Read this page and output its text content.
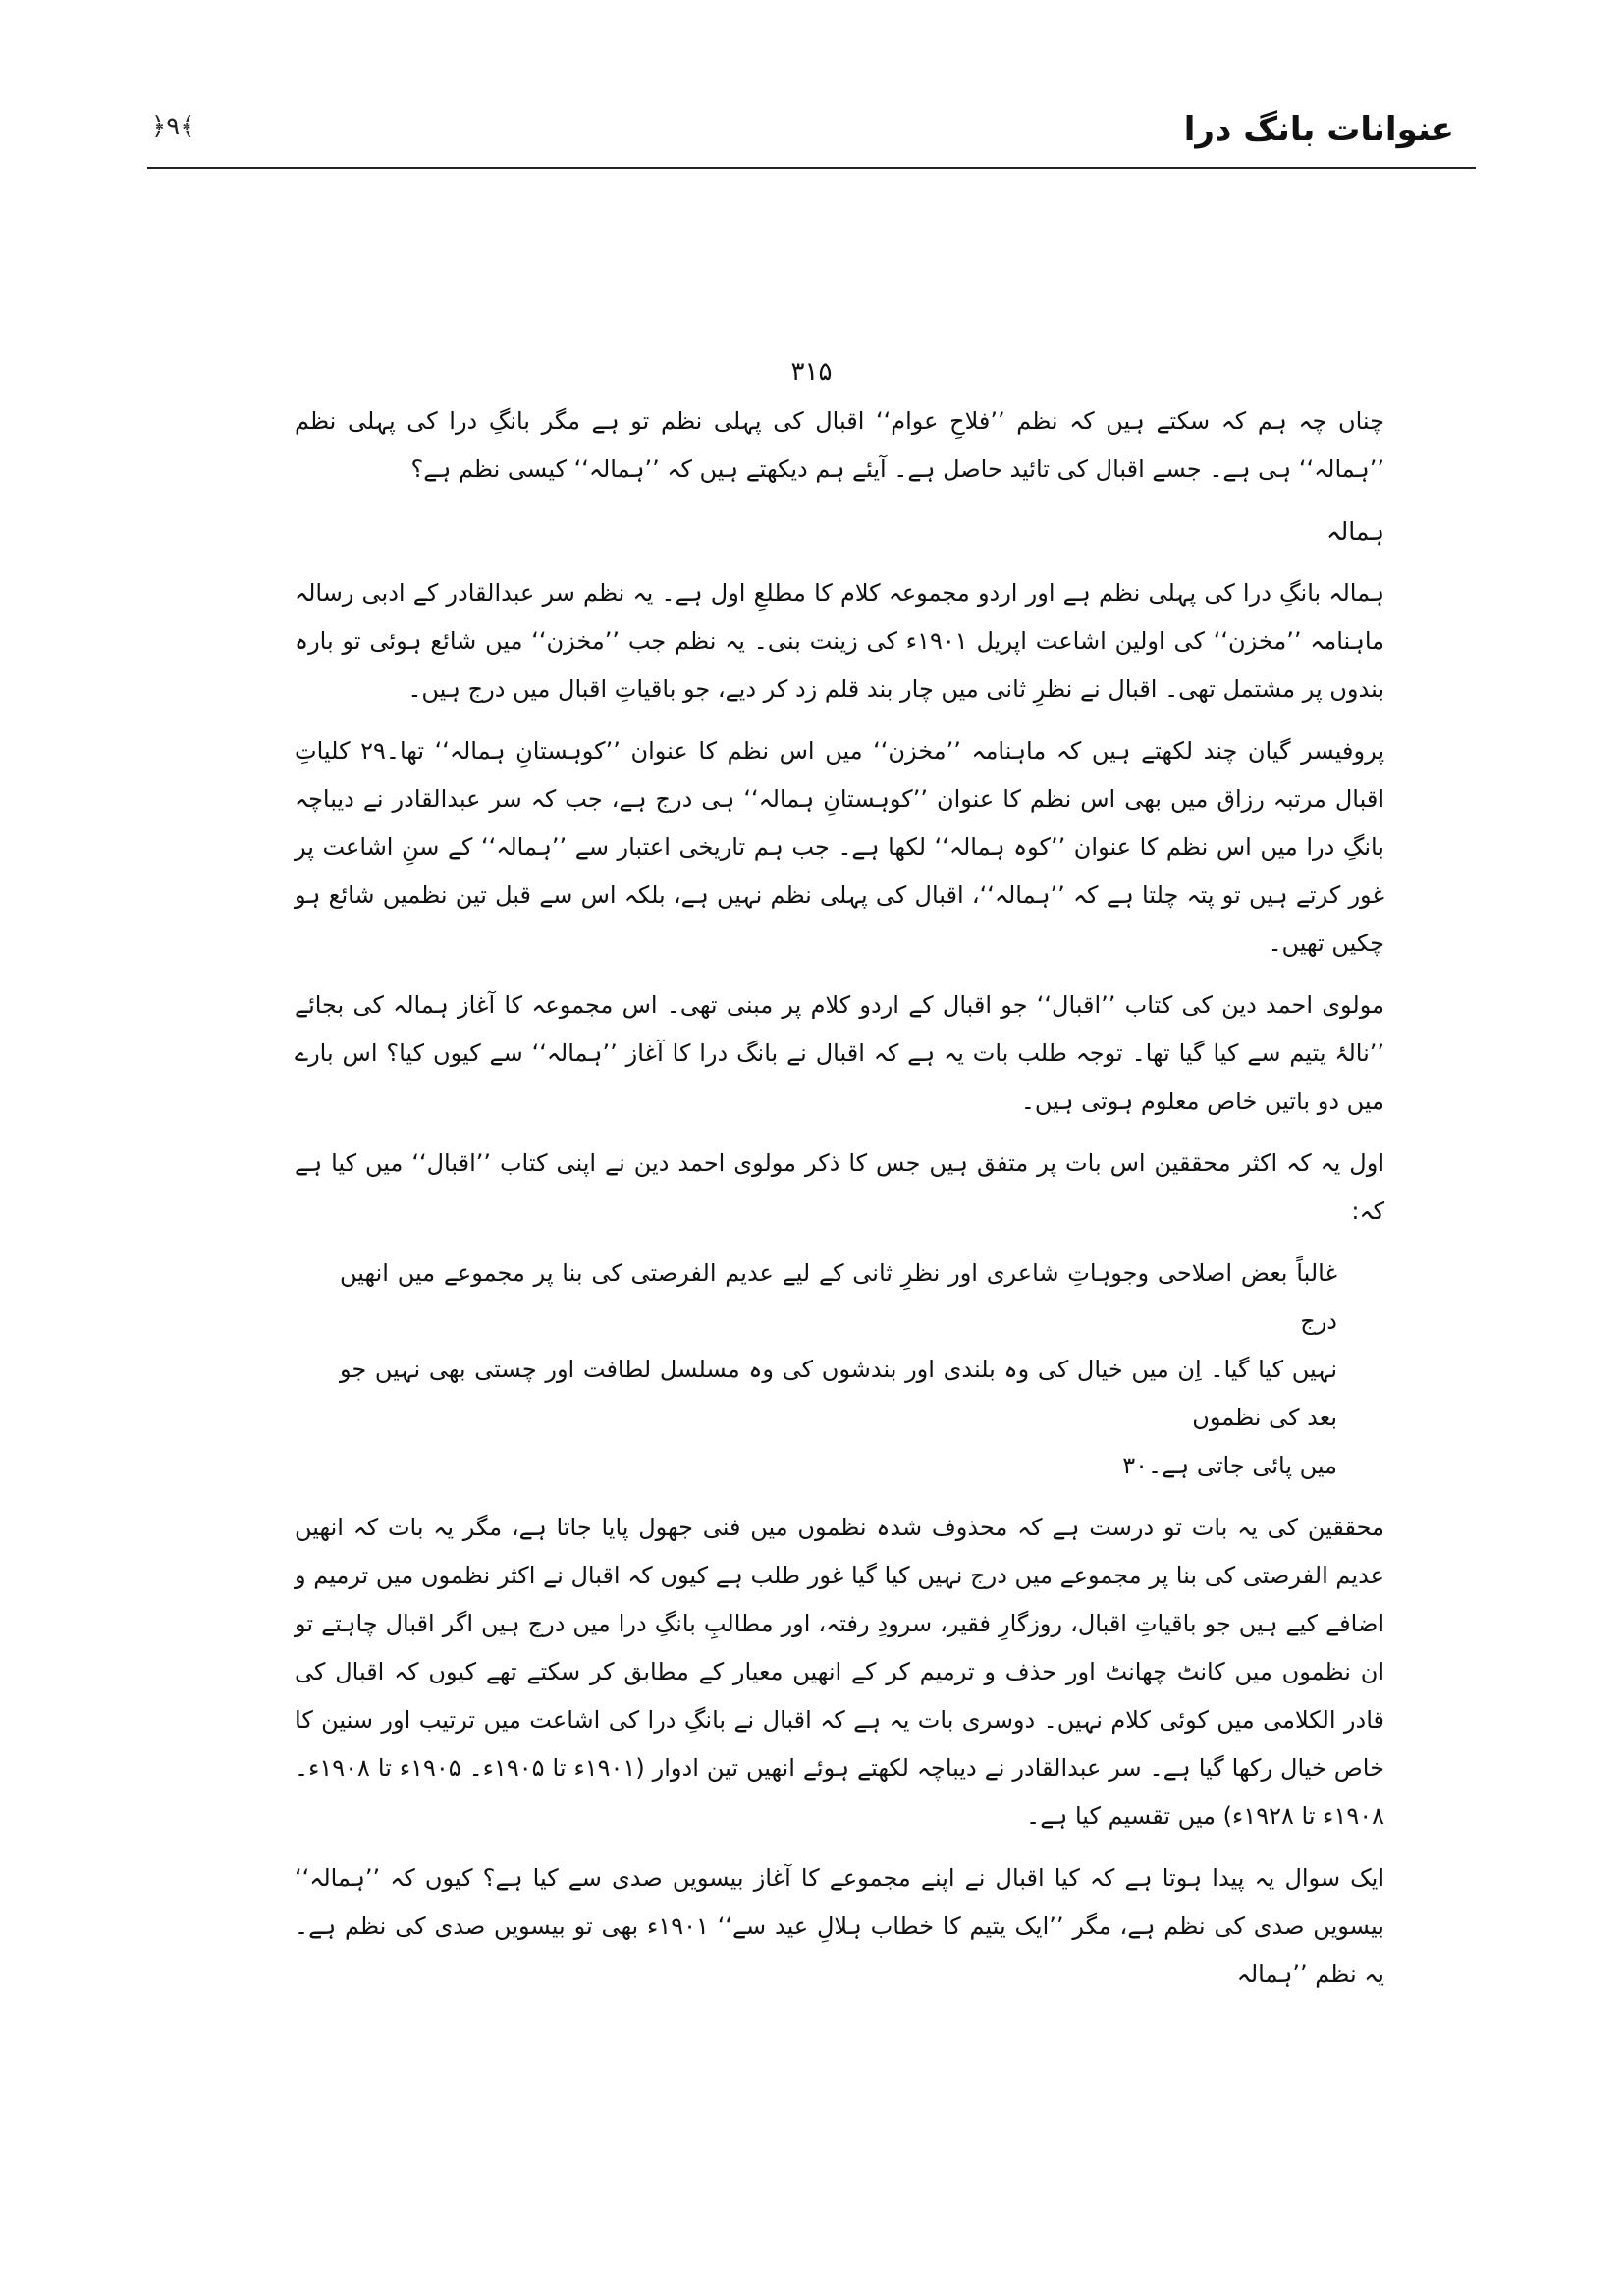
عنوانات بانگ درا
﴿۹﴾
۳۱۵

چناں چہ ہم کہ سکتے ہیں کہ نظم ’’فلاحِ عوام‘‘ اقبال کی پہلی نظم تو ہے مگر بانگِ درا کی پہلی نظم ’’ہمالہ‘‘ ہی ہے۔ جسے اقبال کی تائید حاصل ہے۔ آیئے ہم دیکھتے ہیں کہ ’’ہمالہ‘‘ کیسی نظم ہے؟

ہمالہ

ہمالہ بانگِ درا کی پہلی نظم ہے اور اردو مجموعہ کلام کا مطلعِ اول ہے۔ یہ نظم سر عبدالقادر کے ادبی رسالہ ماہنامہ ’’مخزن‘‘ کی اولین اشاعت اپریل ۱۹۰۱ء کی زینت بنی۔ یہ نظم جب ’’مخزن‘‘ میں شائع ہوئی تو بارہ بندوں پر مشتمل تھی۔ اقبال نے نظرِ ثانی میں چار بند قلم زد کر دیے، جو باقیاتِ اقبال میں درج ہیں۔

پروفیسر گیان چند لکھتے ہیں کہ ماہنامہ ’’مخزن‘‘ میں اس نظم کا عنوان ’’کوہستانِ ہمالہ‘‘ تھا۔۲۹ کلیاتِ اقبال مرتبہ رزاق میں بھی اس نظم کا عنوان ’’کوہستانِ ہمالہ‘‘ ہی درج ہے، جب کہ سر عبدالقادر نے دیباچہ بانگِ درا میں اس نظم کا عنوان ’’کوہ ہمالہ‘‘ لکھا ہے۔ جب ہم تاریخی اعتبار سے ’’ہمالہ‘‘ کے سنِ اشاعت پر غور کرتے ہیں تو پتہ چلتا ہے کہ ’’ہمالہ‘‘، اقبال کی پہلی نظم نہیں ہے، بلکہ اس سے قبل تین نظمیں شائع ہو چکیں تھیں۔

مولوی احمد دین کی کتاب ’’اقبال‘‘ جو اقبال کے اردو کلام پر مبنی تھی۔ اس مجموعہ کا آغاز ہمالہ کی بجائے ’’نالۂ یتیم سے کیا گیا تھا۔ توجہ طلب بات یہ ہے کہ اقبال نے بانگ درا کا آغاز ’’ہمالہ‘‘ سے کیوں کیا؟ اس بارے میں دو باتیں خاص معلوم ہوتی ہیں۔

اول یہ کہ اکثر محققین اس بات پر متفق ہیں جس کا ذکر مولوی احمد دین نے اپنی کتاب ’’اقبال‘‘ میں کیا ہے کہ:

غالباً بعض اصلاحی وجوہاتِ شاعری اور نظرِ ثانی کے لیے عدیم الفرصتی کی بنا پر مجموعے میں انھیں درج

نہیں کیا گیا۔ اِن میں خیال کی وہ بلندی اور بندشوں کی وہ مسلسل لطافت اور چستی بھی نہیں جو بعد کی نظموں

میں پائی جاتی ہے۔۳۰

محققین کی یہ بات تو درست ہے کہ محذوف شدہ نظموں میں فنی جھول پایا جاتا ہے، مگر یہ بات کہ انھیں عدیم الفرصتی کی بنا پر مجموعے میں درج نہیں کیا گیا غور طلب ہے کیوں کہ اقبال نے اکثر نظموں میں ترمیم و اضافے کیے ہیں جو باقیاتِ اقبال، روزگارِ فقیر، سرودِ رفتہ، اور مطالبِ بانگِ درا میں درج ہیں اگر اقبال چاہتے تو ان نظموں میں کانٹ چھانٹ اور حذف و ترمیم کر کے انھیں معیار کے مطابق کر سکتے تھے کیوں کہ اقبال کی قادر الکلامی میں کوئی کلام نہیں۔ دوسری بات یہ ہے کہ اقبال نے بانگِ درا کی اشاعت میں ترتیب اور سنین کا خاص خیال رکھا گیا ہے۔ سر عبدالقادر نے دیباچہ لکھتے ہوئے انھیں تین ادوار (۱۹۰۱ء تا ۱۹۰۵ء۔ ۱۹۰۵ء تا ۱۹۰۸ء۔ ۱۹۰۸ء تا ۱۹۲۸ء) میں تقسیم کیا ہے۔

ایک سوال یہ پیدا ہوتا ہے کہ کیا اقبال نے اپنے مجموعے کا آغاز بیسویں صدی سے کیا ہے؟ کیوں کہ ’’ہمالہ‘‘ بیسویں صدی کی نظم ہے، مگر ’’ایک یتیم کا خطاب ہلالِ عید سے‘‘ ۱۹۰۱ء بھی تو بیسویں صدی کی نظم ہے۔ یہ نظم ’’ہمالہ
